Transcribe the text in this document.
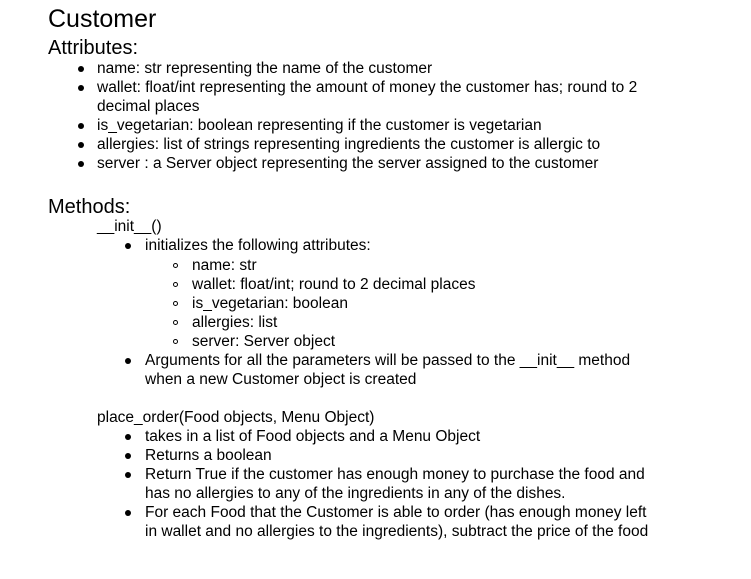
Customer
Attributes:
name: str representing the name of the customer
wallet: float/int representing the amount of money the customer has; round to 2
decimal places
is_vegetarian: boolean representing if the customer is vegetarian
allergies: list of strings representing ingredients the customer is allergic to
server : a Server object representing the server assigned to the customer
Methods:
__init__()
initializes the following attributes:
name: str
wallet: float/int; round to 2 decimal places
is_vegetarian: boolean
allergies: list
server: Server object
Arguments for all the parameters will be passed to the __init__ method
when a new Customer object is created
place_order(Food objects, Menu Object)
takes in a list of Food objects and a Menu Object
Returns a boolean
Return True if the customer has enough money to purchase the food and
has no allergies to any of the ingredients in any of the dishes.
For each Food that the Customer is able to order (has enough money left
in wallet and no allergies to the ingredients), subtract the price of the food
